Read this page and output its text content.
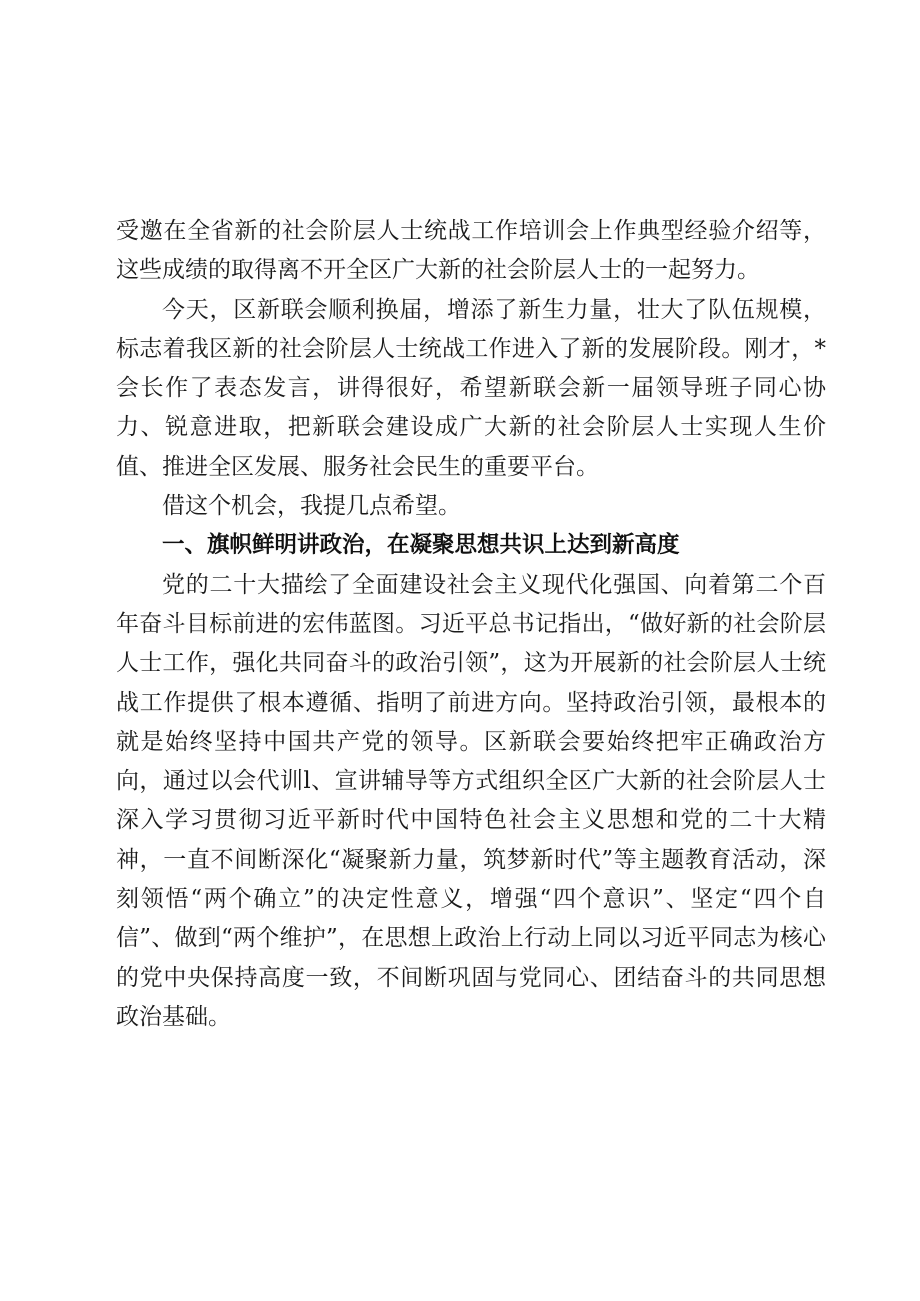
受邀在全省新的社会阶层人士统战工作培训会上作典型经验介绍等，这些成绩的取得离不开全区广大新的社会阶层人士的一起努力。

今天，区新联会顺利换届，增添了新生力量，壮大了队伍规模，标志着我区新的社会阶层人士统战工作进入了新的发展阶段。刚才，*会长作了表态发言，讲得很好，希望新联会新一届领导班子同心协力、锐意进取，把新联会建设成广大新的社会阶层人士实现人生价值、推进全区发展、服务社会民生的重要平台。

借这个机会，我提几点希望。

一、旗帜鲜明讲政治，在凝聚思想共识上达到新高度

党的二十大描绘了全面建设社会主义现代化强国、向着第二个百年奋斗目标前进的宏伟蓝图。习近平总书记指出，“做好新的社会阶层人士工作，强化共同奋斗的政治引领”，这为开展新的社会阶层人士统战工作提供了根本遵循、指明了前进方向。坚持政治引领，最根本的就是始终坚持中国共产党的领导。区新联会要始终把牢正确政治方向，通过以会代训l、宣讲辅导等方式组织全区广大新的社会阶层人士深入学习贯彻习近平新时代中国特色社会主义思想和党的二十大精神，一直不间断深化“凝聚新力量，筑梦新时代”等主题教育活动，深刻领悟“两个确立”的决定性意义，增强“四个意识”、坚定“四个自信”、做到“两个维护”，在思想上政治上行动上同以习近平同志为核心的党中央保持高度一致，不间断巩固与党同心、团结奋斗的共同思想政治基础。
